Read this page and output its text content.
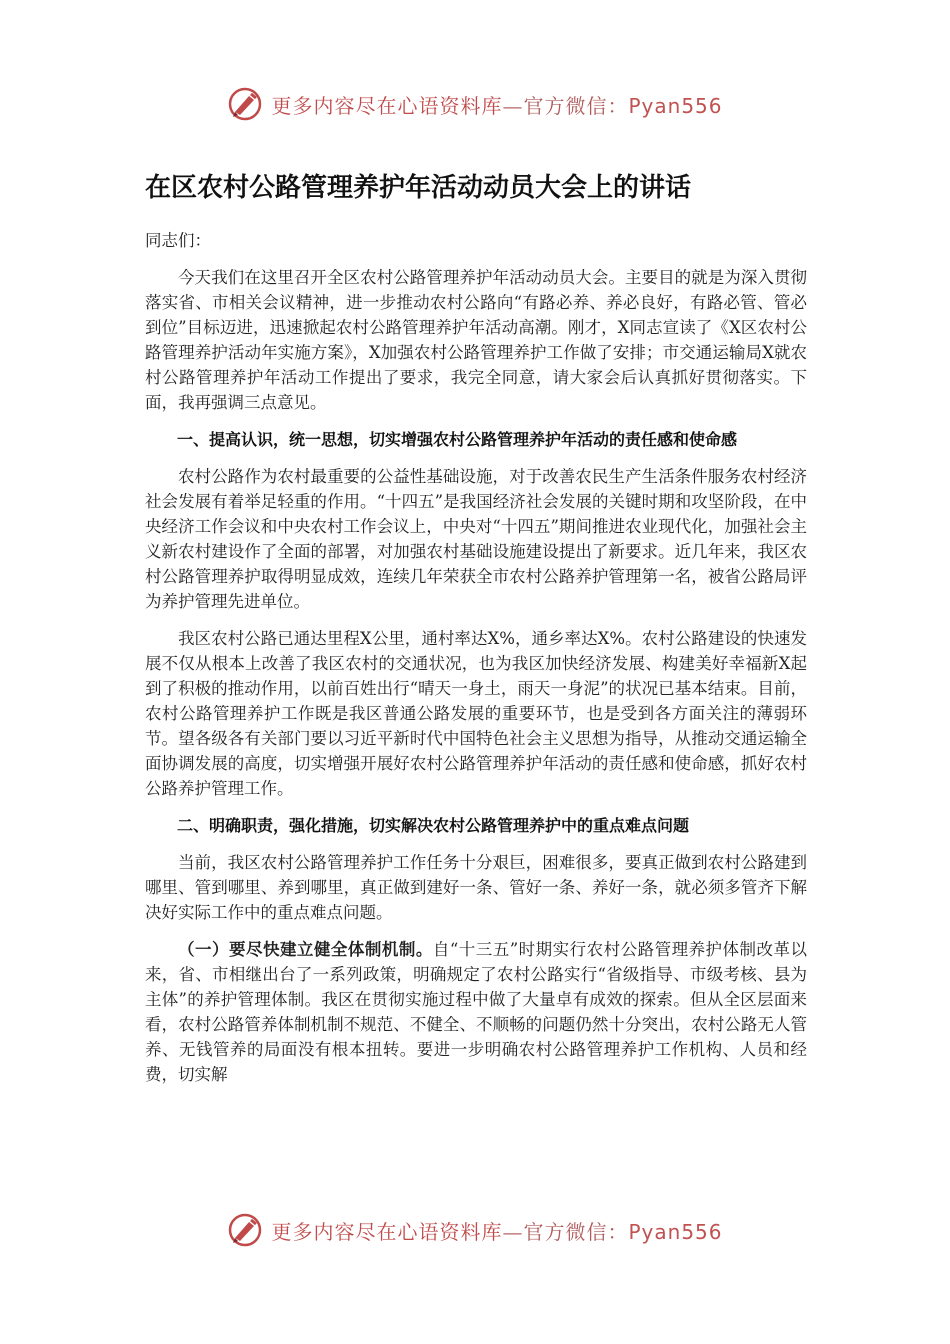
更多内容尽在心语资料库—官方微信：Pyan556
在区农村公路管理养护年活动动员大会上的讲话
同志们：
今天我们在这里召开全区农村公路管理养护年活动动员大会。主要目的就是为深入贯彻落实省、市相关会议精神，进一步推动农村公路向“有路必养、养必良好，有路必管、管必到位”目标迈进，迅速掀起农村公路管理养护年活动高潮。刚才，X同志宣读了《X区农村公路管理养护活动年实施方案》，X加强农村公路管理养护工作做了安排；市交通运输局X就农村公路管理养护年活动工作提出了要求，我完全同意，请大家会后认真抓好贯彻落实。下面，我再强调三点意见。
一、提高认识，统一思想，切实增强农村公路管理养护年活动的责任感和使命感
农村公路作为农村最重要的公益性基础设施，对于改善农民生产生活条件服务农村经济社会发展有着举足轻重的作用。“十四五”是我国经济社会发展的关键时期和攻坚阶段，在中央经济工作会议和中央农村工作会议上，中央对“十四五”期间推进农业现代化，加强社会主义新农村建设作了全面的部署，对加强农村基础设施建设提出了新要求。近几年来，我区农村公路管理养护取得明显成效，连续几年荣获全市农村公路养护管理第一名，被省公路局评为养护管理先进单位。
我区农村公路已通达里程X公里，通村率达X%，通乡率达X%。农村公路建设的快速发展不仅从根本上改善了我区农村的交通状况，也为我区加快经济发展、构建美好幸福新X起到了积极的推动作用，以前百姓出行“晴天一身土，雨天一身泥”的状况已基本结束。目前，农村公路管理养护工作既是我区普通公路发展的重要环节，也是受到各方面关注的薄弱环节。望各级各有关部门要以习近平新时代中国特色社会主义思想为指导，从推动交通运输全面协调发展的高度，切实增强开展好农村公路管理养护年活动的责任感和使命感，抓好农村公路养护管理工作。
二、明确职责，强化措施，切实解决农村公路管理养护中的重点难点问题
当前，我区农村公路管理养护工作任务十分艰巨，困难很多，要真正做到农村公路建到哪里、管到哪里、养到哪里，真正做到建好一条、管好一条、养好一条，就必须多管齐下解决好实际工作中的重点难点问题。
（一）要尽快建立健全体制机制。自“十三五”时期实行农村公路管理养护体制改革以来，省、市相继出台了一系列政策，明确规定了农村公路实行“省级指导、市级考核、县为主体”的养护管理体制。我区在贯彻实施过程中做了大量卓有成效的探索。但从全区层面来看，农村公路管养体制机制不规范、不健全、不顺畅的问题仍然十分突出，农村公路无人管养、无钱管养的局面没有根本扭转。要进一步明确农村公路管理养护工作机构、人员和经费，切实解
更多内容尽在心语资料库—官方微信：Pyan556
